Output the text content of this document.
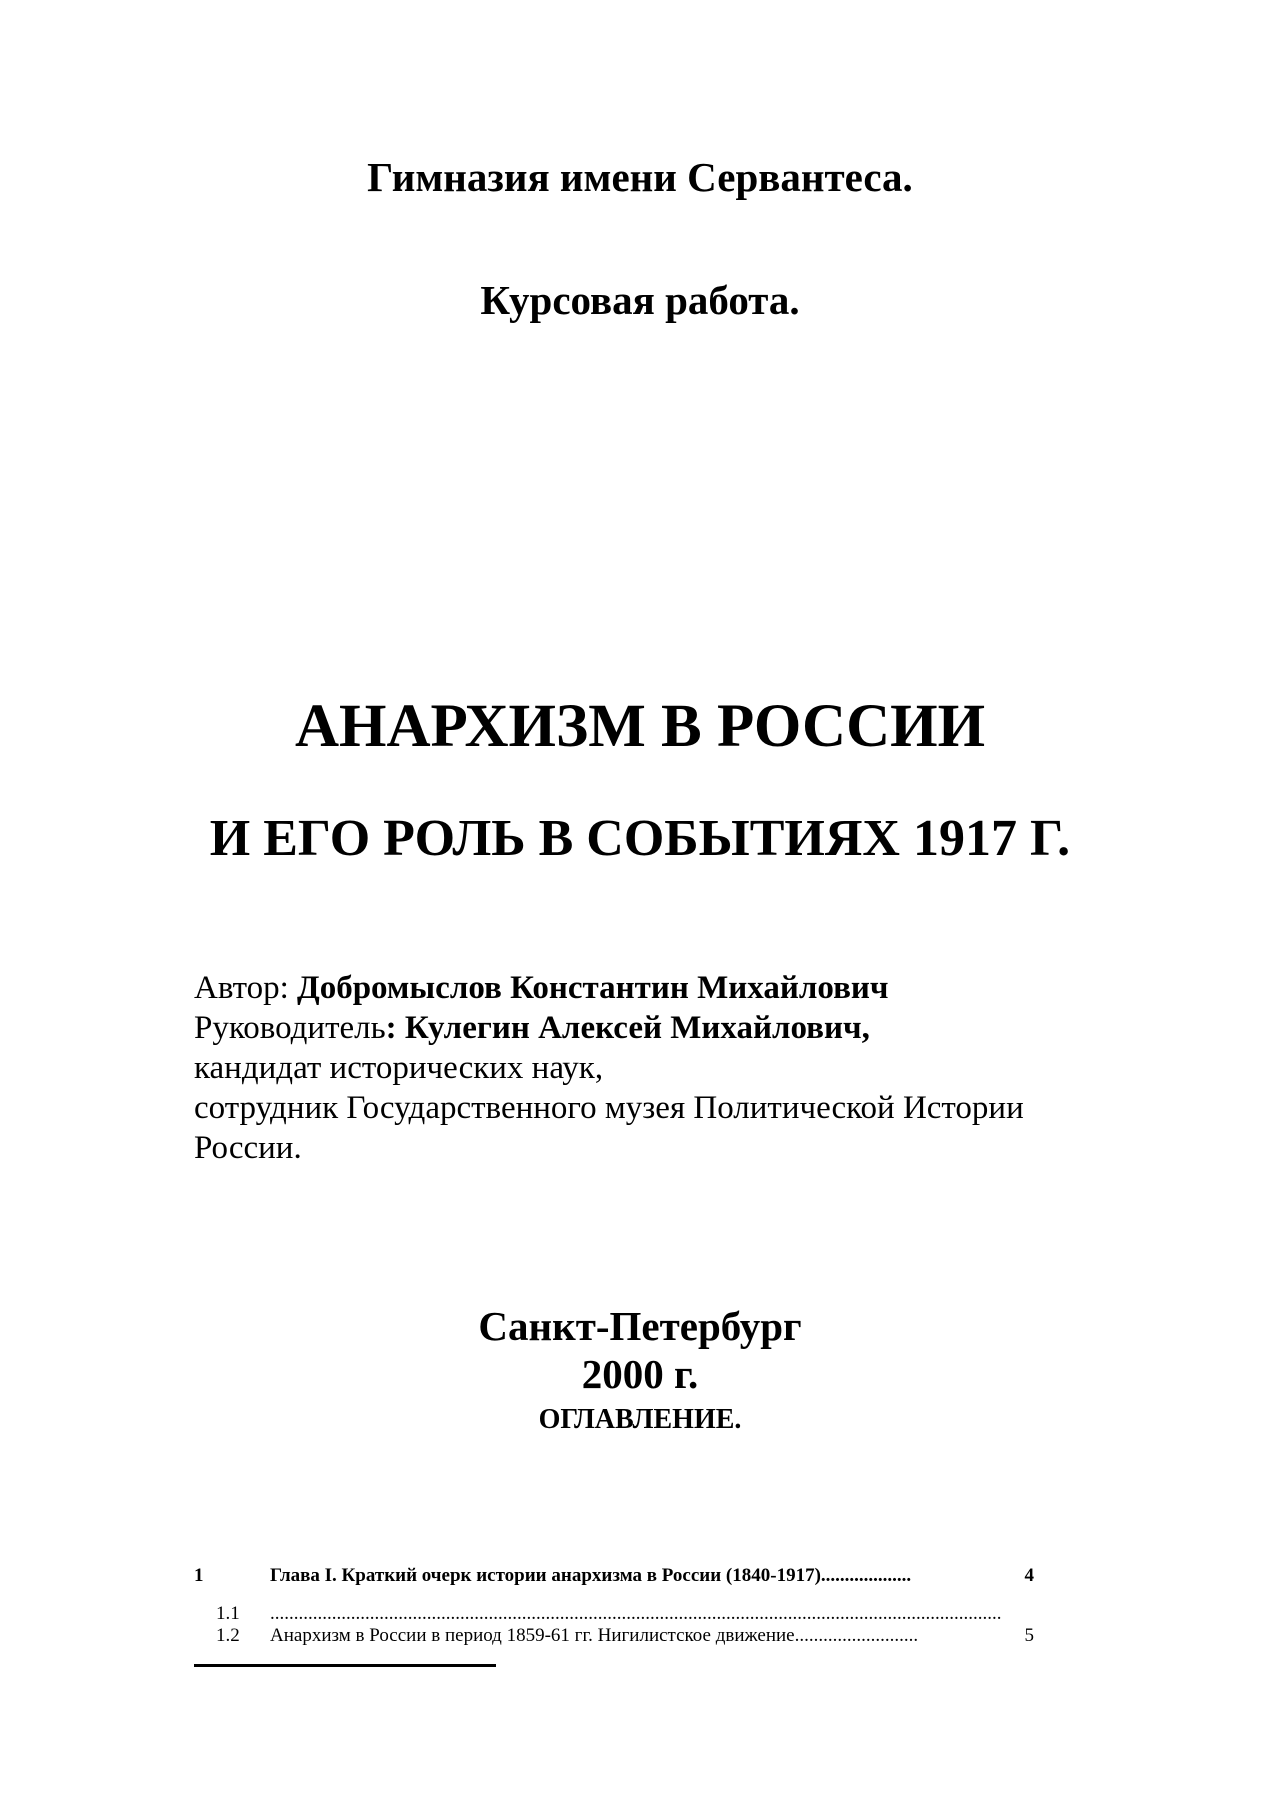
Гимназия имени Сервантеса.
Курсовая работа.
АНАРХИЗМ В РОССИИ
И ЕГО РОЛЬ В СОБЫТИЯХ 1917 Г.
Автор: Добромыслов Константин Михайлович
Руководитель: Кулегин Алексей Михайлович,
кандидат исторических наук,
сотрудник Государственного музея Политической Истории
России.
Санкт-Петербург
2000 г.
ОГЛАВЛЕНИЕ.
1	Глава I. Краткий очерк истории анархизма в России (1840-1917)...................	4
1.1 ..........................................................................................................................................................
1.2 Анархизм в России в период 1859-61 гг. Нигилистское движение..........................	5
